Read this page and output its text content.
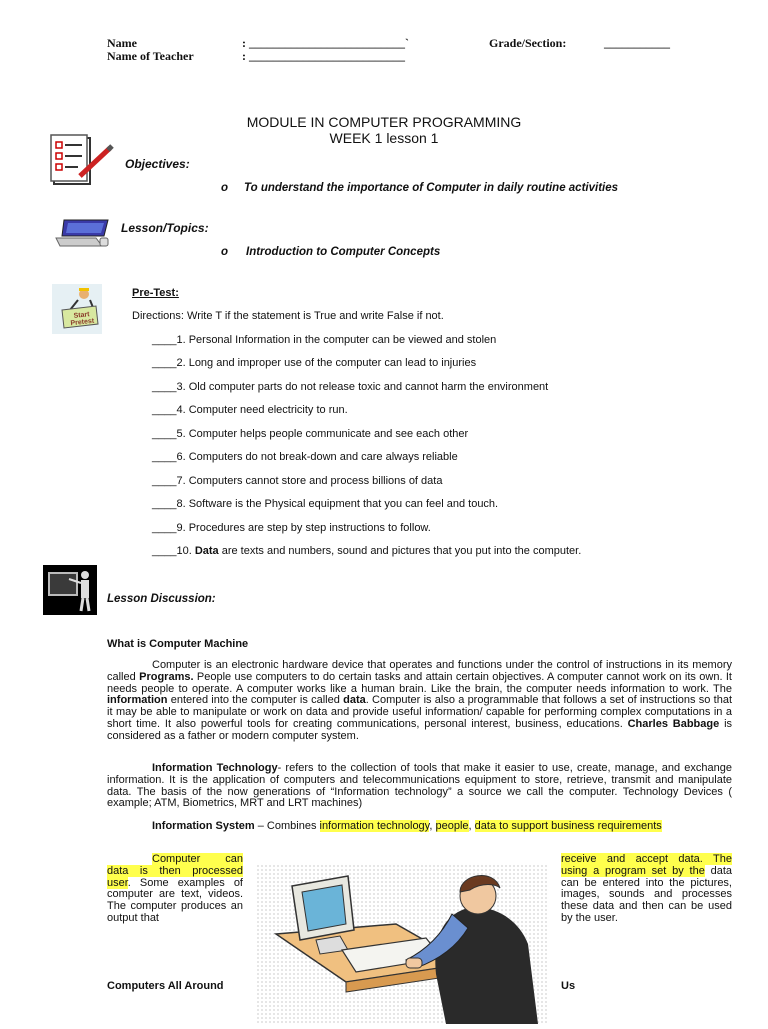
Name	: __________________________`
Name of Teacher	: __________________________
Grade/Section:	___________
MODULE IN COMPUTER PROGRAMMING
WEEK 1 lesson 1
Objectives:
o To understand the importance of Computer in daily routine activities
Lesson/Topics:
o Introduction to Computer Concepts
Start Pretest
Pre-Test:
Directions: Write T if the statement is True and write False if not.
____1. Personal Information in the computer can be viewed and stolen
____2. Long and improper use of the computer can lead to injuries
____3. Old computer parts do not release toxic and cannot harm the environment
____4. Computer need electricity to run.
____5. Computer helps people communicate and see each other
____6. Computers do not break-down and care always reliable
____7. Computers cannot store and process billions of data
____8. Software is the Physical equipment that you can feel and touch.
____9. Procedures are step by step instructions to follow.
____10. Data are texts and numbers, sound and pictures that you put into the computer.
Lesson Discussion:
What is Computer Machine
Computer is an electronic hardware device that operates and functions under the control of instructions in its memory called Programs. People use computers to do certain tasks and attain certain objectives. A computer cannot work on its own. It needs people to operate. A computer works like a human brain. Like the brain, the computer needs information to work. The information entered into the computer is called data. Computer is also a programmable that follows a set of instructions so that it may be able to manipulate or work on data and provide useful information/ capable for performing complex computations in a short time. It also powerful tools for creating communications, personal interest, business, educations. Charles Babbage is considered as a father or modern computer system.
Information Technology- refers to the collection of tools that make it easier to use, create, manage, and exchange information. It is the application of computers and telecommunications equipment to store, retrieve, transmit and manipulate data. The basis of the now generations of “Information technology” a source we call the computer. Technology Devices ( example; ATM, Biometrics, MRT and LRT machines)
Information System – Combines information technology, people, data to support business requirements
Computer can data is then processed user. Some examples of computer are text, videos. The computer produces an output that
receive and accept data. The using a program set by the data can be entered into the pictures, images, sounds and processes these data and then can be used by the user.
Computers All Around	Us
